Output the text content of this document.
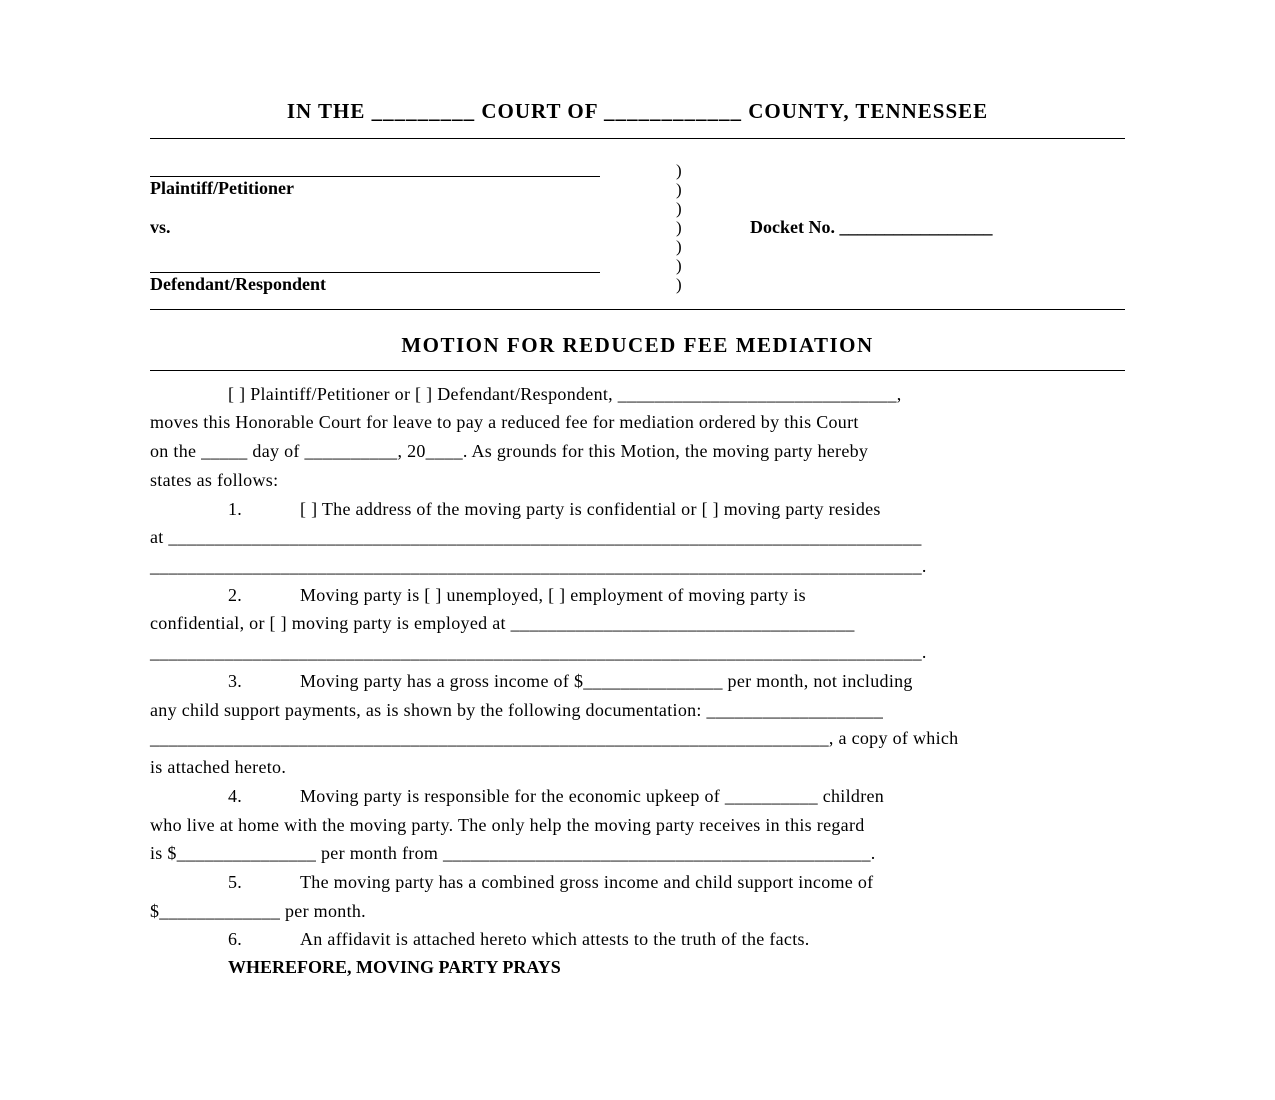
IN THE _________ COURT OF ____________ COUNTY, TENNESSEE
Plaintiff/Petitioner
vs.
Defendant/Respondent
)
)
)
)
)
)
)
Docket No. _________________
MOTION FOR REDUCED FEE MEDIATION
[ ] Plaintiff/Petitioner or [ ] Defendant/Respondent, ______________________________,
moves this Honorable Court for leave to pay a reduced fee for mediation ordered by this Court
on the _____ day of __________, 20____. As grounds for this Motion, the moving party hereby
states as follows:
1.	[ ] The address of the moving party is confidential or [ ] moving party resides
at _________________________________________________________________________________
___________________________________________________________________________________.
2.	Moving party is [ ] unemployed, [ ] employment of moving party is
confidential, or [ ] moving party is employed at _____________________________________
___________________________________________________________________________________.
3.	Moving party has a gross income of $_______________ per month, not including
any child support payments, as is shown by the following documentation: ___________________
_________________________________________________________________________, a copy of which
is attached hereto.
4.	Moving party is responsible for the economic upkeep of __________ children
who live at home with the moving party. The only help the moving party receives in this regard
is $_______________ per month from ______________________________________________.
5.	The moving party has a combined gross income and child support income of
$_____________ per month.
6.	An affidavit is attached hereto which attests to the truth of the facts.
WHEREFORE, MOVING PARTY PRAYS
